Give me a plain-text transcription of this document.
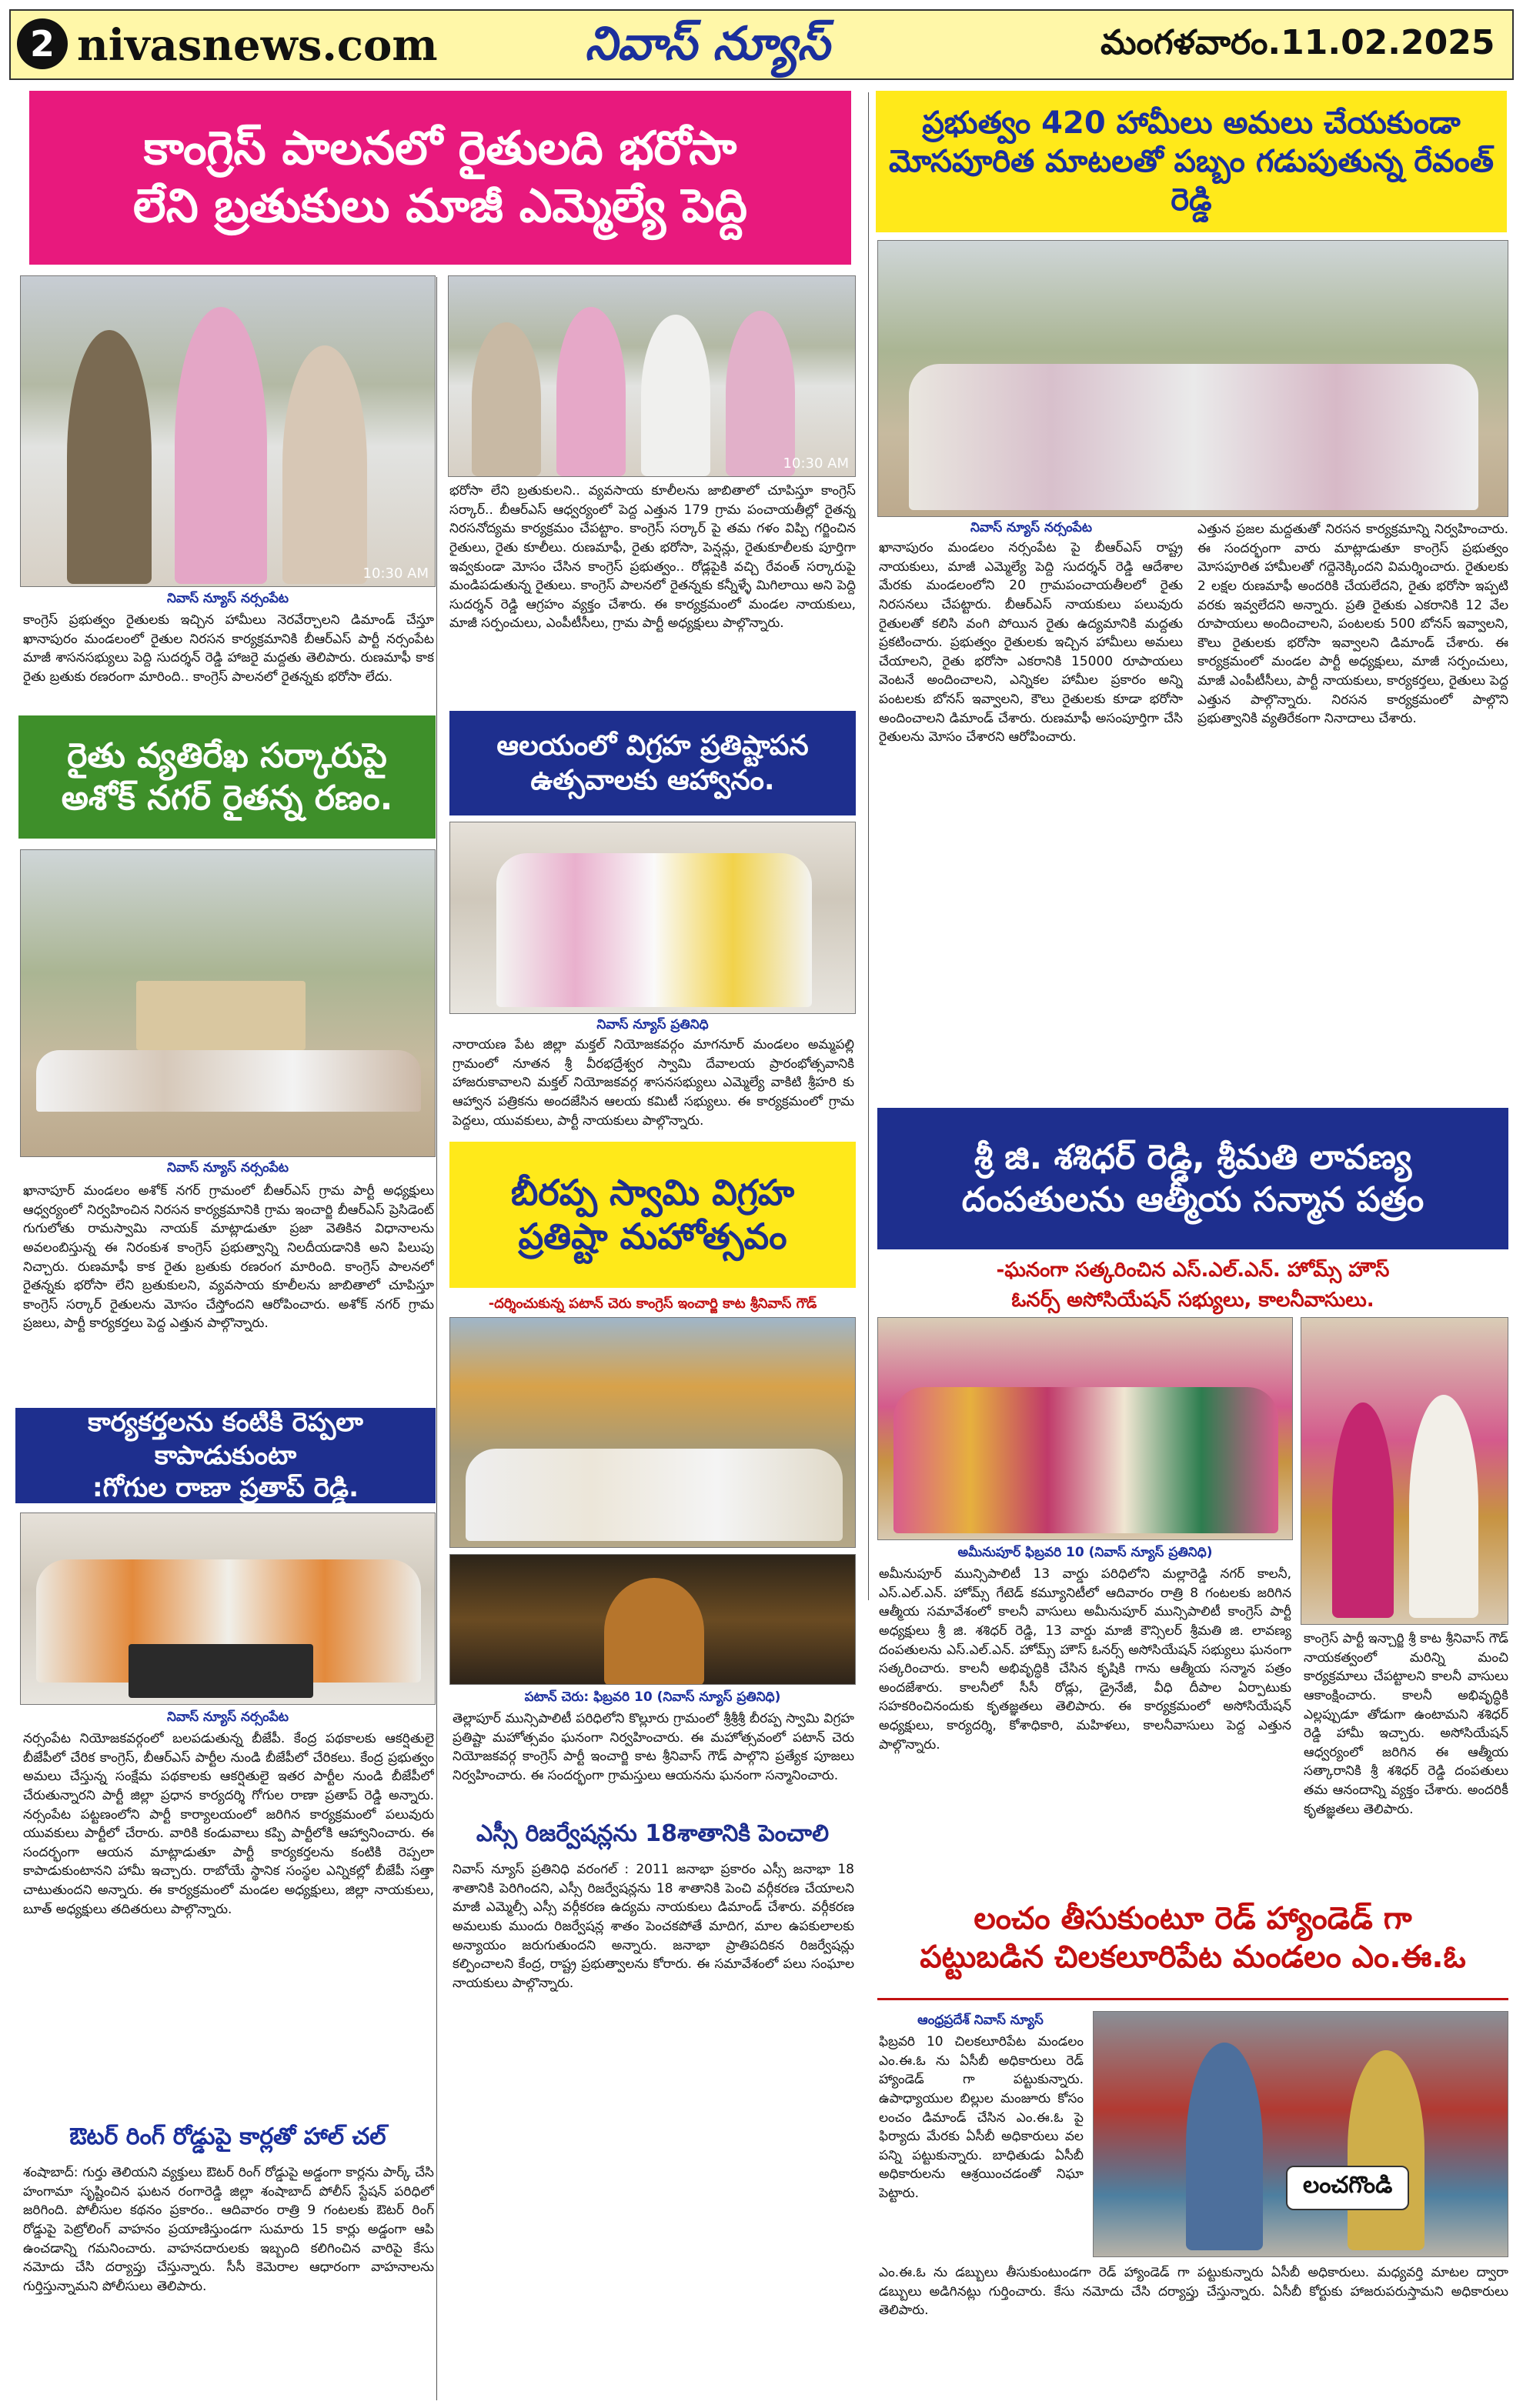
2 nivasnews.com	నివాస్ న్యూస్	మంగళవారం.11.02.2025
కాంగ్రెస్ పాలనలో రైతులది భరోసా
లేని బ్రతుకులు మాజీ ఎమ్మెల్యే పెద్ది
10:30 AM
10:30 AM
నివాస్ న్యూస్ నర్సంపేట
కాంగ్రెస్ ప్రభుత్వం రైతులకు ఇచ్చిన హామీలు నెరవేర్చాలని డిమాండ్ చేస్తూ ఖానాపురం మండలంలో రైతుల నిరసన కార్యక్రమానికి బీఆర్ఎస్ పార్టీ నర్సంపేట మాజీ శాసనసభ్యులు పెద్ది సుదర్శన్ రెడ్డి హాజరై మద్దతు తెలిపారు. రుణమాఫీ కాక రైతు బ్రతుకు రణరంగా మారింది.. కాంగ్రెస్ పాలనలో రైతన్నకు భరోసా లేదు.
భరోసా లేని బ్రతుకులని.. వ్యవసాయ కూలీలను జాబితాలో చూపిస్తూ కాంగ్రెస్ సర్కార్.. బీఆర్ఎస్ ఆధ్వర్యంలో పెద్ద ఎత్తున 179 గ్రామ పంచాయతీల్లో రైతన్న నిరసనోద్యమ కార్యక్రమం చేపట్టాం. కాంగ్రెస్ సర్కార్ పై తమ గళం విప్పి గర్జించిన రైతులు, రైతు కూలీలు. రుణమాఫీ, రైతు భరోసా, పెన్షన్లు, రైతుకూలీలకు పూర్తిగా ఇవ్వకుండా మోసం చేసిన కాంగ్రెస్ ప్రభుత్వం.. రోడ్లపైకి వచ్చి రేవంత్ సర్కారుపై మండిపడుతున్న రైతులు. కాంగ్రెస్ పాలనలో రైతన్నకు కన్నీళ్ళే మిగిలాయి అని పెద్ది సుదర్శన్ రెడ్డి ఆగ్రహం వ్యక్తం చేశారు. ఈ కార్యక్రమంలో మండల నాయకులు, మాజీ సర్పంచులు, ఎంపీటీసీలు, గ్రామ పార్టీ అధ్యక్షులు పాల్గొన్నారు.
ప్రభుత్వం 420 హామీలు అమలు చేయకుండా
మోసపూరిత మాటలతో పబ్బం గడుపుతున్న రేవంత్ రెడ్డి
నివాస్ న్యూస్ నర్సంపేట
ఖానాపురం మండలం నర్సంపేట పై బీఆర్ఎస్ రాష్ట్ర నాయకులు, మాజీ ఎమ్మెల్యే పెద్ది సుదర్శన్ రెడ్డి ఆదేశాల మేరకు మండలంలోని 20 గ్రామపంచాయతీలలో రైతు నిరసనలు చేపట్టారు. బీఆర్ఎస్ నాయకులు పలువురు రైతులతో కలిసి వంగి పోయిన రైతు ఉద్యమానికి మద్దతు ప్రకటించారు. ప్రభుత్వం రైతులకు ఇచ్చిన హామీలు అమలు చేయాలని, రైతు భరోసా ఎకరానికి 15000 రూపాయలు వెంటనే అందించాలని, ఎన్నికల హామీల ప్రకారం అన్ని పంటలకు బోనస్ ఇవ్వాలని, కౌలు రైతులకు కూడా భరోసా అందించాలని డిమాండ్ చేశారు. రుణమాఫీ అసంపూర్తిగా చేసి రైతులను మోసం చేశారని ఆరోపించారు.
ఎత్తున ప్రజల మద్దతుతో నిరసన కార్యక్రమాన్ని నిర్వహించారు. ఈ సందర్భంగా వారు మాట్లాడుతూ కాంగ్రెస్ ప్రభుత్వం మోసపూరిత హామీలతో గద్దెనెక్కిందని విమర్శించారు. రైతులకు 2 లక్షల రుణమాఫీ అందరికి చేయలేదని, రైతు భరోసా ఇప్పటి వరకు ఇవ్వలేదని అన్నారు. ప్రతి రైతుకు ఎకరానికి 12 వేల రూపాయలు అందించాలని, పంటలకు 500 బోనస్ ఇవ్వాలని, కౌలు రైతులకు భరోసా ఇవ్వాలని డిమాండ్ చేశారు. ఈ కార్యక్రమంలో మండల పార్టీ అధ్యక్షులు, మాజీ సర్పంచులు, మాజీ ఎంపీటీసీలు, పార్టీ నాయకులు, కార్యకర్తలు, రైతులు పెద్ద ఎత్తున పాల్గొన్నారు. నిరసన కార్యక్రమంలో పాల్గొని ప్రభుత్వానికి వ్యతిరేకంగా నినాదాలు చేశారు.
రైతు వ్యతిరేఖ సర్కారుపై
అశోక్ నగర్ రైతన్న రణం.
నివాస్ న్యూస్ నర్సంపేట
ఖానాపూర్ మండలం అశోక్ నగర్ గ్రామంలో బీఆర్ఎస్ గ్రామ పార్టీ అధ్యక్షులు ఆధ్వర్యంలో నిర్వహించిన నిరసన కార్యక్రమానికి గ్రామ ఇంచార్జి బీఆర్ఎస్ ప్రెసిడెంట్ గుగులోతు రామస్వామి నాయక్ మాట్లాడుతూ ప్రజా వెతికిన విధానాలను అవలంబిస్తున్న ఈ నిరంకుశ కాంగ్రెస్ ప్రభుత్వాన్ని నిలదీయడానికి అని పిలుపు నిచ్చారు. రుణమాఫీ కాక రైతు బ్రతుకు రణరంగ మారింది. కాంగ్రెస్ పాలనలో రైతన్నకు భరోసా లేని బ్రతుకులని, వ్యవసాయ కూలీలను జాబితాలో చూపిస్తూ కాంగ్రెస్ సర్కార్ రైతులను మోసం చేస్తోందని ఆరోపించారు. అశోక్ నగర్ గ్రామ ప్రజలు, పార్టీ కార్యకర్తలు పెద్ద ఎత్తున పాల్గొన్నారు.
కార్యకర్తలను కంటికి రెప్పలా కాపాడుకుంటా
:గోగుల రాణా ప్రతాప్ రెడ్డి.
నివాస్ న్యూస్ నర్సంపేట
నర్సంపేట నియోజకవర్గంలో బలపడుతున్న బీజేపీ. కేంద్ర పథకాలకు ఆకర్షితులై బీజేపీలో చేరిక కాంగ్రెస్, బీఆర్ఎస్ పార్టీల నుండి బీజేపీలో చేరికలు. కేంద్ర ప్రభుత్వం అమలు చేస్తున్న సంక్షేమ పథకాలకు ఆకర్షితులై ఇతర పార్టీల నుండి బీజేపీలో చేరుతున్నారని పార్టీ జిల్లా ప్రధాన కార్యదర్శి గోగుల రాణా ప్రతాప్ రెడ్డి అన్నారు. నర్సంపేట పట్టణంలోని పార్టీ కార్యాలయంలో జరిగిన కార్యక్రమంలో పలువురు యువకులు పార్టీలో చేరారు. వారికి కండువాలు కప్పి పార్టీలోకి ఆహ్వానించారు. ఈ సందర్భంగా ఆయన మాట్లాడుతూ పార్టీ కార్యకర్తలను కంటికి రెప్పలా కాపాడుకుంటానని హామీ ఇచ్చారు. రాబోయే స్థానిక సంస్థల ఎన్నికల్లో బీజేపీ సత్తా చాటుతుందని అన్నారు. ఈ కార్యక్రమంలో మండల అధ్యక్షులు, జిల్లా నాయకులు, బూత్ అధ్యక్షులు తదితరులు పాల్గొన్నారు.
ఔటర్ రింగ్ రోడ్డుపై కార్లతో హాల్ చల్
శంషాబాద్: గుర్తు తెలియని వ్యక్తులు ఔటర్ రింగ్ రోడ్డుపై అడ్డంగా కార్లను పార్క్ చేసి హంగామా సృష్టించిన ఘటన రంగారెడ్డి జిల్లా శంషాబాద్ పోలీస్ స్టేషన్ పరిధిలో జరిగింది. పోలీసుల కథనం ప్రకారం.. ఆదివారం రాత్రి 9 గంటలకు ఔటర్ రింగ్ రోడ్డుపై పెట్రోలింగ్ వాహనం ప్రయాణిస్తుండగా సుమారు 15 కార్లు అడ్డంగా ఆపి ఉంచడాన్ని గమనించారు. వాహనదారులకు ఇబ్బంది కలిగించిన వారిపై కేసు నమోదు చేసి దర్యాప్తు చేస్తున్నారు. సీసీ కెమెరాల ఆధారంగా వాహనాలను గుర్తిస్తున్నామని పోలీసులు తెలిపారు.
ఆలయంలో విగ్రహ ప్రతిష్టాపన
ఉత్సవాలకు ఆహ్వానం.
నివాస్ న్యూస్ ప్రతినిధి
నారాయణ పేట జిల్లా మక్తల్ నియోజకవర్గం మాగనూర్ మండలం అమ్మపల్లి గ్రామంలో నూతన శ్రీ వీరభద్రేశ్వర స్వామి దేవాలయ ప్రారంభోత్సవానికి హాజరుకావాలని మక్తల్ నియోజకవర్గ శాసనసభ్యులు ఎమ్మెల్యే వాకిటి శ్రీహరి కు ఆహ్వాన పత్రికను అందజేసిన ఆలయ కమిటీ సభ్యులు. ఈ కార్యక్రమంలో గ్రామ పెద్దలు, యువకులు, పార్టీ నాయకులు పాల్గొన్నారు.
బీరప్ప స్వామి విగ్రహ
ప్రతిష్టా మహోత్సవం
-దర్శించుకున్న పటాన్ చెరు కాంగ్రెస్ ఇంచార్జి కాట శ్రీనివాస్ గౌడ్
పటాన్ చెరు: ఫిబ్రవరి 10 (నివాస్ న్యూస్ ప్రతినిధి)
తెల్లాపూర్ మున్సిపాలిటీ పరిధిలోని కొల్లూరు గ్రామంలో శ్రీశ్రీశ్రీ బీరప్ప స్వామి విగ్రహ ప్రతిష్టా మహోత్సవం ఘనంగా నిర్వహించారు. ఈ మహోత్సవంలో పటాన్ చెరు నియోజకవర్గ కాంగ్రెస్ పార్టీ ఇంచార్జి కాట శ్రీనివాస్ గౌడ్ పాల్గొని ప్రత్యేక పూజలు నిర్వహించారు. ఈ సందర్భంగా గ్రామస్తులు ఆయనను ఘనంగా సన్మానించారు.
ఎస్సీ రిజర్వేషన్లను 18శాతానికి పెంచాలి
నివాస్ న్యూస్ ప్రతినిధి వరంగల్ : 2011 జనాభా ప్రకారం ఎస్సీ జనాభా 18 శాతానికి పెరిగిందని, ఎస్సీ రిజర్వేషన్లను 18 శాతానికి పెంచి వర్గీకరణ చేయాలని మాజీ ఎమ్మెల్సీ ఎస్సీ వర్గీకరణ ఉద్యమ నాయకులు డిమాండ్ చేశారు. వర్గీకరణ అమలుకు ముందు రిజర్వేషన్ల శాతం పెంచకపోతే మాదిగ, మాల ఉపకులాలకు అన్యాయం జరుగుతుందని అన్నారు. జనాభా ప్రాతిపదికన రిజర్వేషన్లు కల్పించాలని కేంద్ర, రాష్ట్ర ప్రభుత్వాలను కోరారు. ఈ సమావేశంలో పలు సంఘాల నాయకులు పాల్గొన్నారు.
శ్రీ జి. శశిధర్ రెడ్డి, శ్రీమతి లావణ్య
దంపతులను ఆత్మీయ సన్మాన పత్రం
-ఘనంగా సత్కరించిన ఎస్.ఎల్.ఎన్. హోమ్స్ హౌస్
ఓనర్స్ అసోసియేషన్ సభ్యులు, కాలనీవాసులు.
అమీనుపూర్ ఫిబ్రవరి 10 (నివాస్ న్యూస్ ప్రతినిధి)
అమీనుపూర్ మున్సిపాలిటీ 13 వార్డు పరిధిలోని మల్లారెడ్డి నగర్ కాలనీ, ఎస్.ఎల్.ఎన్. హోమ్స్ గేటెడ్ కమ్యూనిటీలో ఆదివారం రాత్రి 8 గంటలకు జరిగిన ఆత్మీయ సమావేశంలో కాలనీ వాసులు అమీనుపూర్ మున్సిపాలిటీ కాంగ్రెస్ పార్టీ అధ్యక్షులు శ్రీ జి. శశిధర్ రెడ్డి, 13 వార్డు మాజీ కౌన్సిలర్ శ్రీమతి జి. లావణ్య దంపతులను ఎస్.ఎల్.ఎన్. హోమ్స్ హౌస్ ఓనర్స్ అసోసియేషన్ సభ్యులు ఘనంగా సత్కరించారు. కాలనీ అభివృద్ధికి చేసిన కృషికి గాను ఆత్మీయ సన్మాన పత్రం అందజేశారు. కాలనీలో సీసీ రోడ్లు, డ్రైనేజీ, వీధి దీపాల ఏర్పాటుకు సహకరించినందుకు కృతజ్ఞతలు తెలిపారు. ఈ కార్యక్రమంలో అసోసియేషన్ అధ్యక్షులు, కార్యదర్శి, కోశాధికారి, మహిళలు, కాలనీవాసులు పెద్ద ఎత్తున పాల్గొన్నారు.
కాంగ్రెస్ పార్టీ ఇన్చార్జి శ్రీ కాట శ్రీనివాస్ గౌడ్ నాయకత్వంలో మరిన్ని మంచి కార్యక్రమాలు చేపట్టాలని కాలనీ వాసులు ఆకాంక్షించారు. కాలనీ అభివృద్ధికి ఎల్లప్పుడూ తోడుగా ఉంటామని శశిధర్ రెడ్డి హామీ ఇచ్చారు. అసోసియేషన్ ఆధ్వర్యంలో జరిగిన ఈ ఆత్మీయ సత్కారానికి శ్రీ శశిధర్ రెడ్డి దంపతులు తమ ఆనందాన్ని వ్యక్తం చేశారు. అందరికీ కృతజ్ఞతలు తెలిపారు.
లంచం తీసుకుంటూ రెడ్ హ్యాండెడ్ గా
పట్టుబడిన చిలకలూరిపేట మండలం ఎం.ఈ.ఓ
ఆంధ్రప్రదేశ్ నివాస్ న్యూస్
ఫిబ్రవరి 10 చిలకలూరిపేట మండలం ఎం.ఈ.ఓ ను ఏసీబీ అధికారులు రెడ్ హ్యాండెడ్ గా పట్టుకున్నారు. ఉపాధ్యాయుల బిల్లుల మంజూరు కోసం లంచం డిమాండ్ చేసిన ఎం.ఈ.ఓ పై ఫిర్యాదు మేరకు ఏసీబీ అధికారులు వల పన్ని పట్టుకున్నారు. బాధితుడు ఏసీబీ అధికారులను ఆశ్రయించడంతో నిఘా పెట్టారు.	లంచగొండి
ఎం.ఈ.ఓ ను డబ్బులు తీసుకుంటుండగా రెడ్ హ్యాండెడ్ గా పట్టుకున్నారు ఏసీబీ అధికారులు. మధ్యవర్తి మాటల ద్వారా డబ్బులు అడిగినట్లు గుర్తించారు. కేసు నమోదు చేసి దర్యాప్తు చేస్తున్నారు. ఏసీబీ కోర్టుకు హాజరుపరుస్తామని అధికారులు తెలిపారు.
